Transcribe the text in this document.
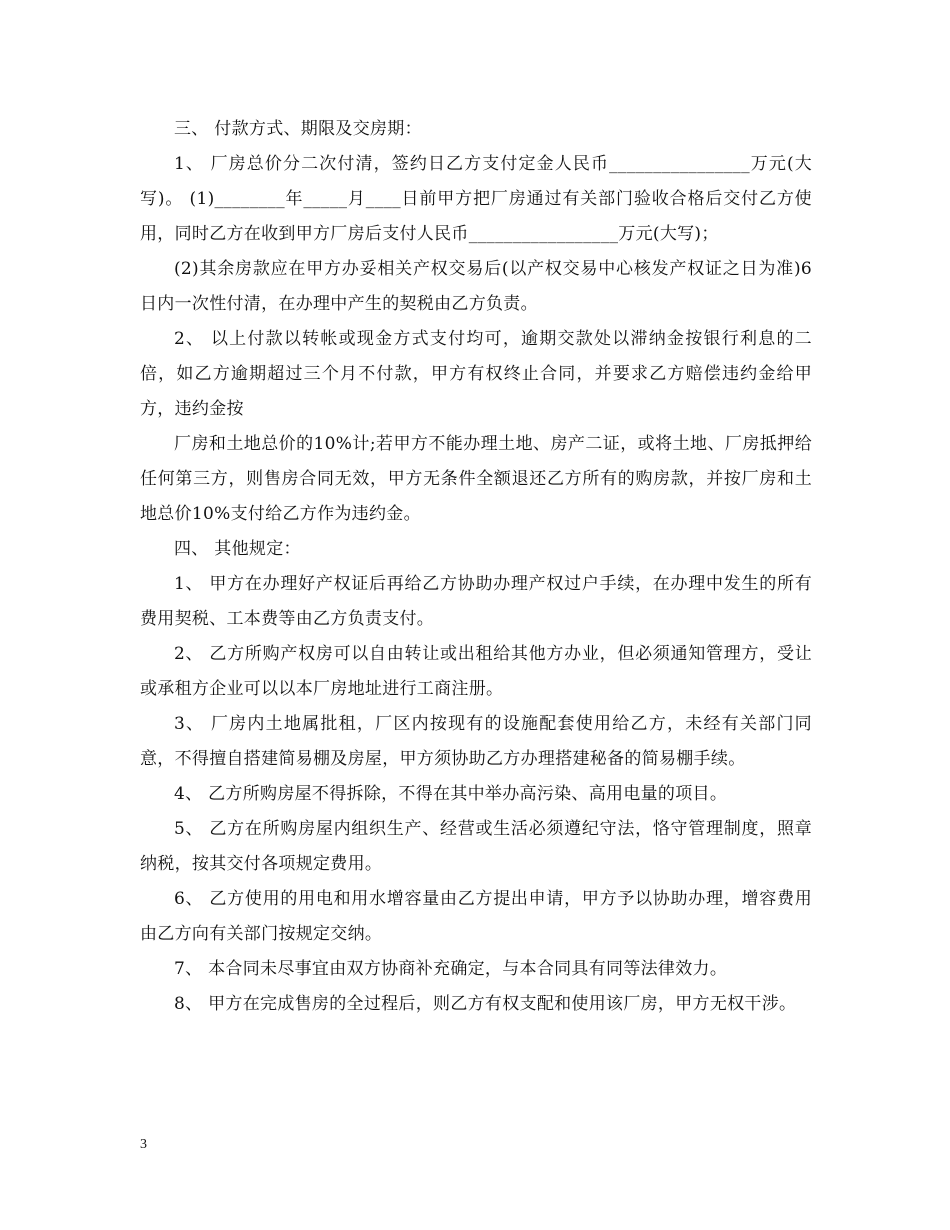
三、 付款方式、期限及交房期：

1、 厂房总价分二次付清，签约日乙方支付定金人民币________________万元(大写)。 (1)________年_____月____日前甲方把厂房通过有关部门验收合格后交付乙方使用，同时乙方在收到甲方厂房后支付人民币_________________万元(大写)；

(2)其余房款应在甲方办妥相关产权交易后(以产权交易中心核发产权证之日为准)6日内一次性付清，在办理中产生的契税由乙方负责。

2、 以上付款以转帐或现金方式支付均可，逾期交款处以滞纳金按银行利息的二倍，如乙方逾期超过三个月不付款，甲方有权终止合同，并要求乙方赔偿违约金给甲方，违约金按

厂房和土地总价的10%计;若甲方不能办理土地、房产二证，或将土地、厂房抵押给任何第三方，则售房合同无效，甲方无条件全额退还乙方所有的购房款，并按厂房和土地总价10%支付给乙方作为违约金。

四、 其他规定：

1、 甲方在办理好产权证后再给乙方协助办理产权过户手续，在办理中发生的所有费用契税、工本费等由乙方负责支付。

2、 乙方所购产权房可以自由转让或出租给其他方办业，但必须通知管理方，受让或承租方企业可以以本厂房地址进行工商注册。

3、 厂房内土地属批租，厂区内按现有的设施配套使用给乙方，未经有关部门同意，不得擅自搭建简易棚及房屋，甲方须协助乙方办理搭建秘备的简易棚手续。

4、 乙方所购房屋不得拆除，不得在其中举办高污染、高用电量的项目。

5、 乙方在所购房屋内组织生产、经营或生活必须遵纪守法，恪守管理制度，照章纳税，按其交付各项规定费用。

6、 乙方使用的用电和用水增容量由乙方提出申请，甲方予以协助办理，增容费用由乙方向有关部门按规定交纳。

7、 本合同未尽事宜由双方协商补充确定，与本合同具有同等法律效力。

8、 甲方在完成售房的全过程后，则乙方有权支配和使用该厂房，甲方无权干涉。

3
